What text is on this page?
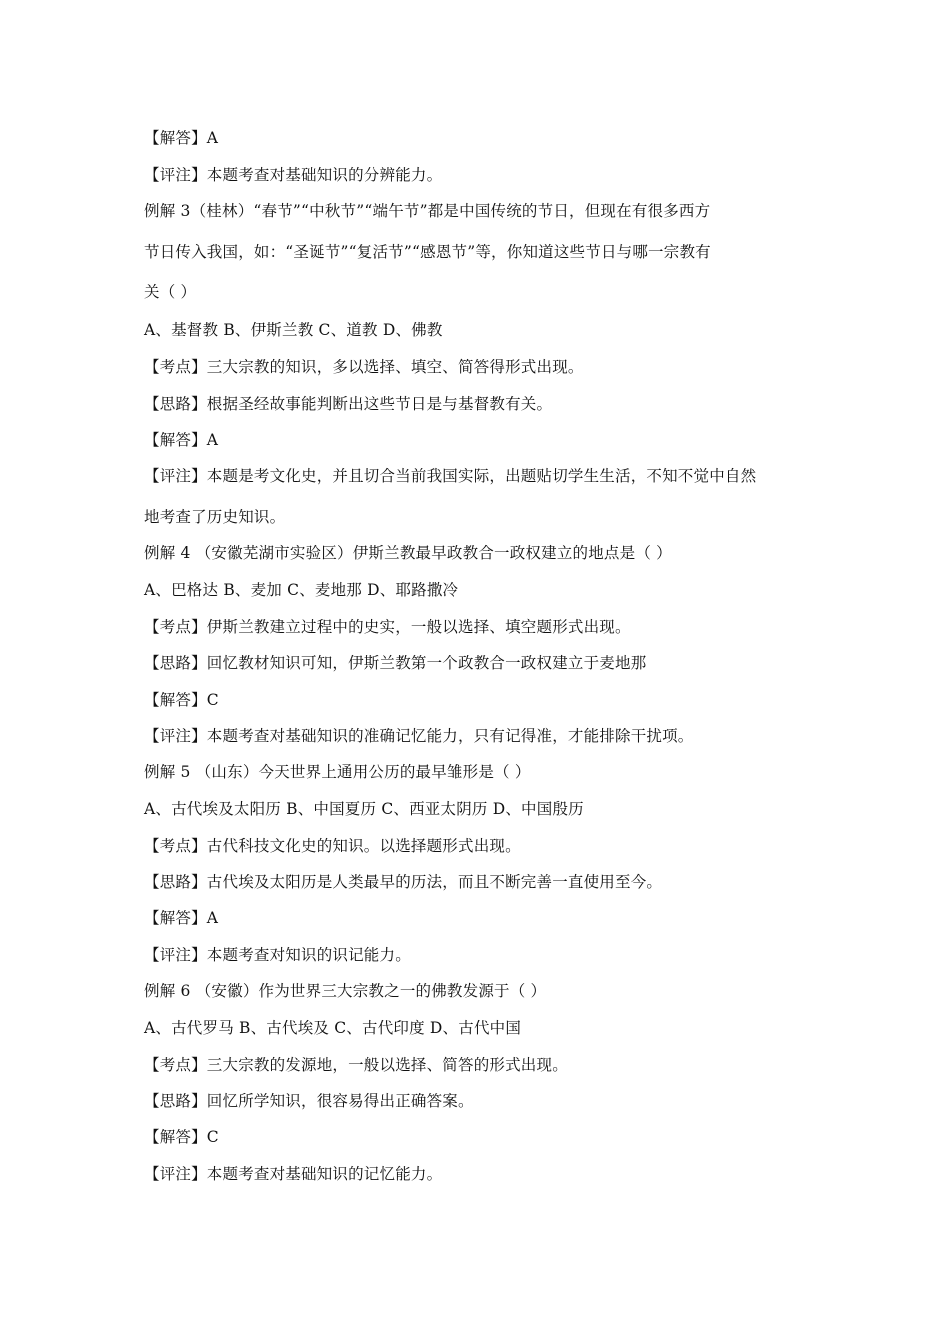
【解答】A
【评注】本题考查对基础知识的分辨能力。
例解 3（桂林）“春节”“中秋节”“端午节”都是中国传统的节日，但现在有很多西方
节日传入我国，如：“圣诞节”“复活节”“感恩节”等，你知道这些节日与哪一宗教有
关（ ）
A、基督教 B、伊斯兰教 C、道教 D、佛教
【考点】三大宗教的知识，多以选择、填空、简答得形式出现。
【思路】根据圣经故事能判断出这些节日是与基督教有关。
【解答】A
【评注】本题是考文化史，并且切合当前我国实际，出题贴切学生生活，不知不觉中自然
地考查了历史知识。
例解 4 （安徽芜湖市实验区）伊斯兰教最早政教合一政权建立的地点是（ ）
A、巴格达 B、麦加 C、麦地那 D、耶路撒冷
【考点】伊斯兰教建立过程中的史实，一般以选择、填空题形式出现。
【思路】回忆教材知识可知，伊斯兰教第一个政教合一政权建立于麦地那
【解答】C
【评注】本题考查对基础知识的准确记忆能力，只有记得准，才能排除干扰项。
例解 5 （山东）今天世界上通用公历的最早雏形是（ ）
A、古代埃及太阳历 B、中国夏历 C、西亚太阴历 D、中国殷历
【考点】古代科技文化史的知识。以选择题形式出现。
【思路】古代埃及太阳历是人类最早的历法，而且不断完善一直使用至今。
【解答】A
【评注】本题考查对知识的识记能力。
例解 6 （安徽）作为世界三大宗教之一的佛教发源于（ ）
A、古代罗马 B、古代埃及 C、古代印度 D、古代中国
【考点】三大宗教的发源地，一般以选择、简答的形式出现。
【思路】回忆所学知识，很容易得出正确答案。
【解答】C
【评注】本题考查对基础知识的记忆能力。
